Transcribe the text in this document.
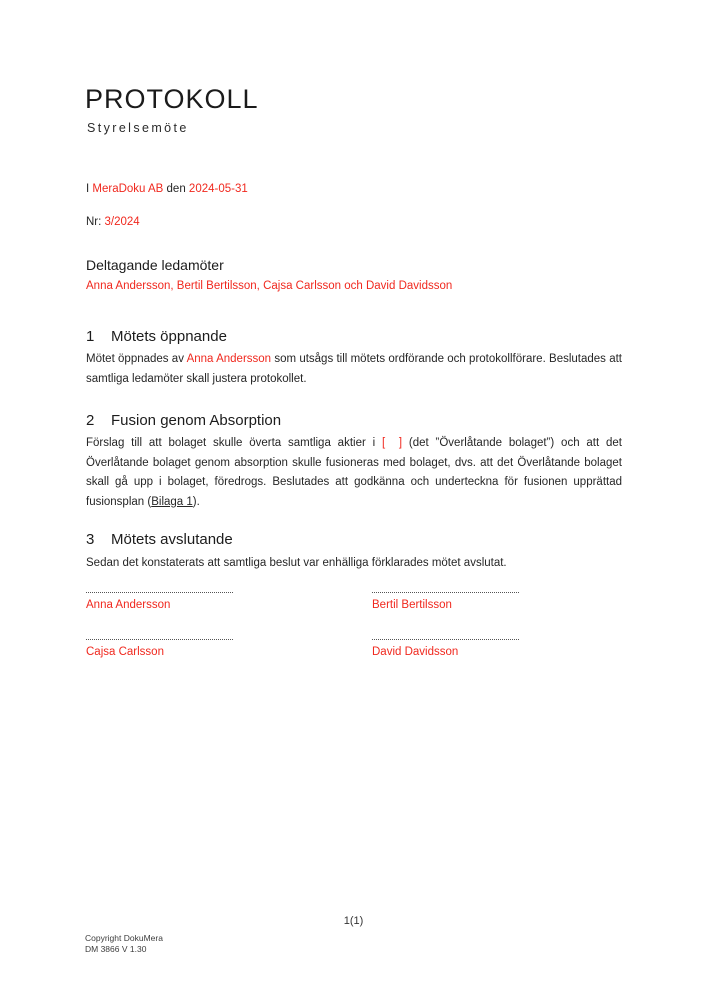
PROTOKOLL
Styrelsemöte
I MeraDoku AB den 2024-05-31
Nr: 3/2024
Deltagande ledamöter
Anna Andersson, Bertil Bertilsson, Cajsa Carlsson och David Davidsson
1	Mötets öppnande
Mötet öppnades av Anna Andersson som utsågs till mötets ordförande och protokollförare. Beslutades att samtliga ledamöter skall justera protokollet.
2	Fusion genom Absorption
Förslag till att bolaget skulle överta samtliga aktier i [  ] (det ”Överlåtande bolaget”) och att det Överlåtande bolaget genom absorption skulle fusioneras med bolaget, dvs. att det Överlåtande bolaget skall gå upp i bolaget, föredrogs. Beslutades att godkänna och underteckna för fusionen upprättad fusionsplan (Bilaga 1).
3	Mötets avslutande
Sedan det konstaterats att samtliga beslut var enhälliga förklarades mötet avslutat.
Anna Andersson	Bertil Bertilsson
Cajsa Carlsson	David Davidsson
1(1)
Copyright DokuMera
DM 3866 V 1.30
